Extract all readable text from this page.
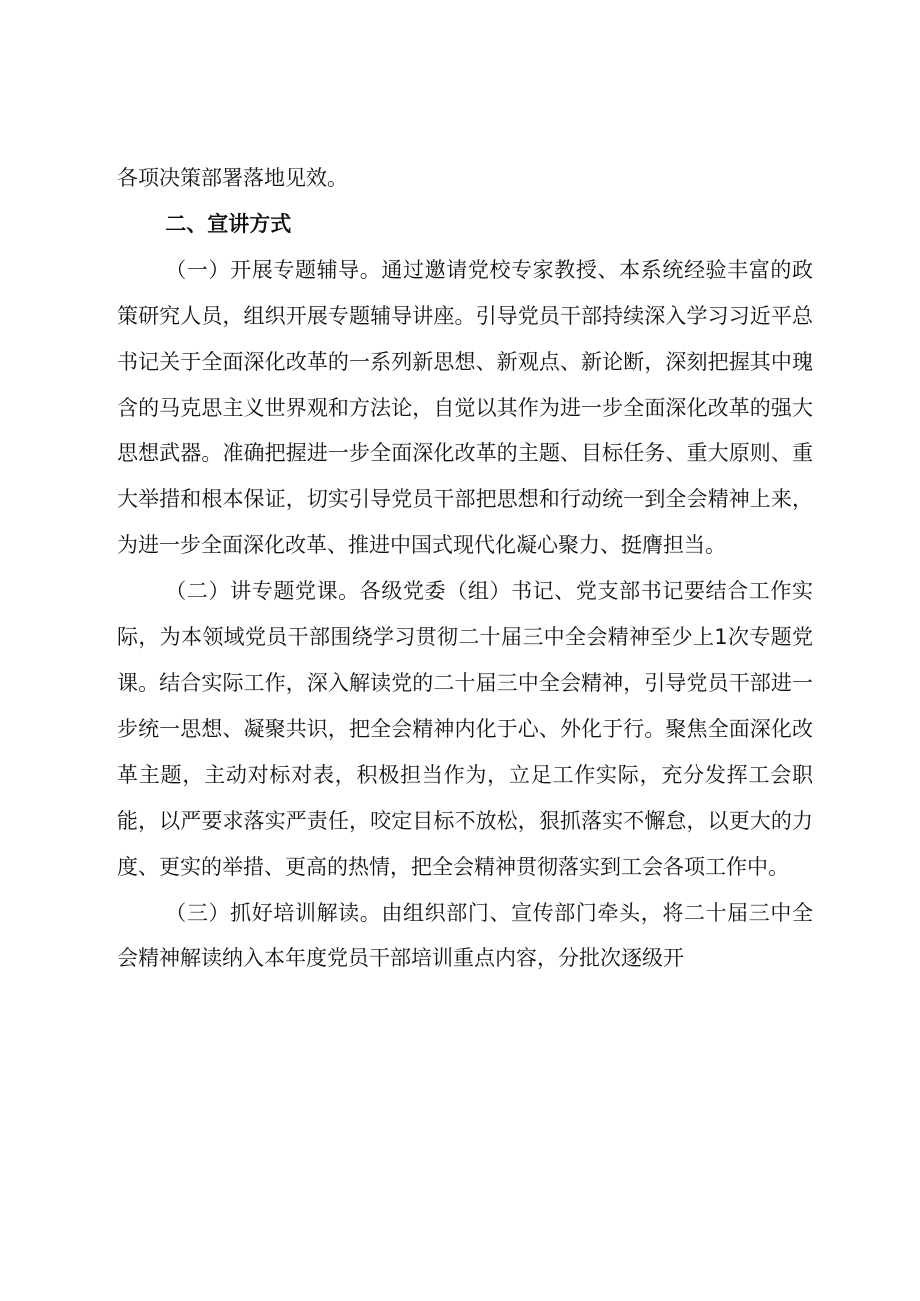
各项决策部署落地见效。

二、宣讲方式

（一）开展专题辅导。通过邀请党校专家教授、本系统经验丰富的政策研究人员，组织开展专题辅导讲座。引导党员干部持续深入学习习近平总书记关于全面深化改革的一系列新思想、新观点、新论断，深刻把握其中瑰含的马克思主义世界观和方法论，自觉以其作为进一步全面深化改革的强大思想武器。准确把握进一步全面深化改革的主题、目标任务、重大原则、重大举措和根本保证，切实引导党员干部把思想和行动统一到全会精神上来，为进一步全面深化改革、推进中国式现代化凝心聚力、挺膺担当。

（二）讲专题党课。各级党委（组）书记、党支部书记要结合工作实际，为本领域党员干部围绕学习贯彻二十届三中全会精神至少上1次专题党课。结合实际工作，深入解读党的二十届三中全会精神，引导党员干部进一步统一思想、凝聚共识，把全会精神内化于心、外化于行。聚焦全面深化改革主题，主动对标对表，积极担当作为，立足工作实际，充分发挥工会职能，以严要求落实严责任，咬定目标不放松，狠抓落实不懈怠，以更大的力度、更实的举措、更高的热情，把全会精神贯彻落实到工会各项工作中。

（三）抓好培训解读。由组织部门、宣传部门牵头，将二十届三中全会精神解读纳入本年度党员干部培训重点内容，分批次逐级开
